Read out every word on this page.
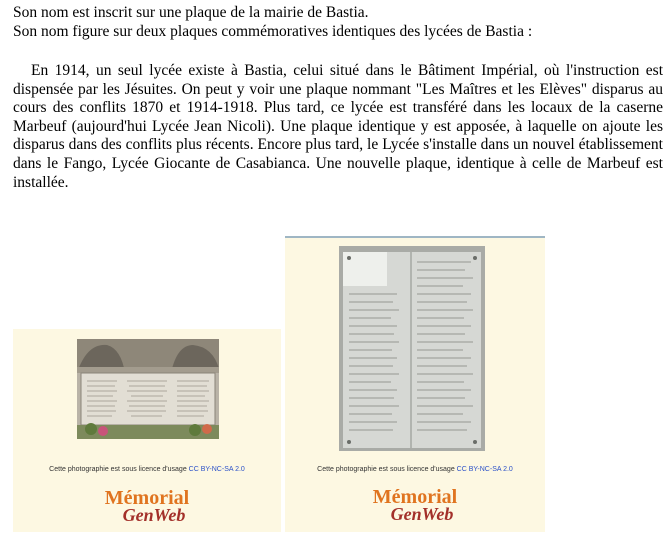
Son nom est inscrit sur une plaque de la mairie de Bastia.
Son nom figure sur deux plaques commémoratives identiques des lycées de Bastia :
En 1914, un seul lycée existe à Bastia, celui situé dans le Bâtiment Impérial, où l'instruction est dispensée par les Jésuites. On peut y voir une plaque nommant "Les Maîtres et les Elèves" disparus au cours des conflits 1870 et 1914-1918. Plus tard, ce lycée est transféré dans les locaux de la caserne Marbeuf (aujourd'hui Lycée Jean Nicoli). Une plaque identique y est apposée, à laquelle on ajoute les disparus dans des conflits plus récents. Encore plus tard, le Lycée s'installe dans un nouvel établissement dans le Fango, Lycée Giocante de Casabianca. Une nouvelle plaque, identique à celle de Marbeuf est installée.
Cette photographie est sous licence d'usage CC BY-NC-SA 2.0
Mémorial
GenWeb
Cette photographie est sous licence d'usage CC BY-NC-SA 2.0
Mémorial
GenWeb
